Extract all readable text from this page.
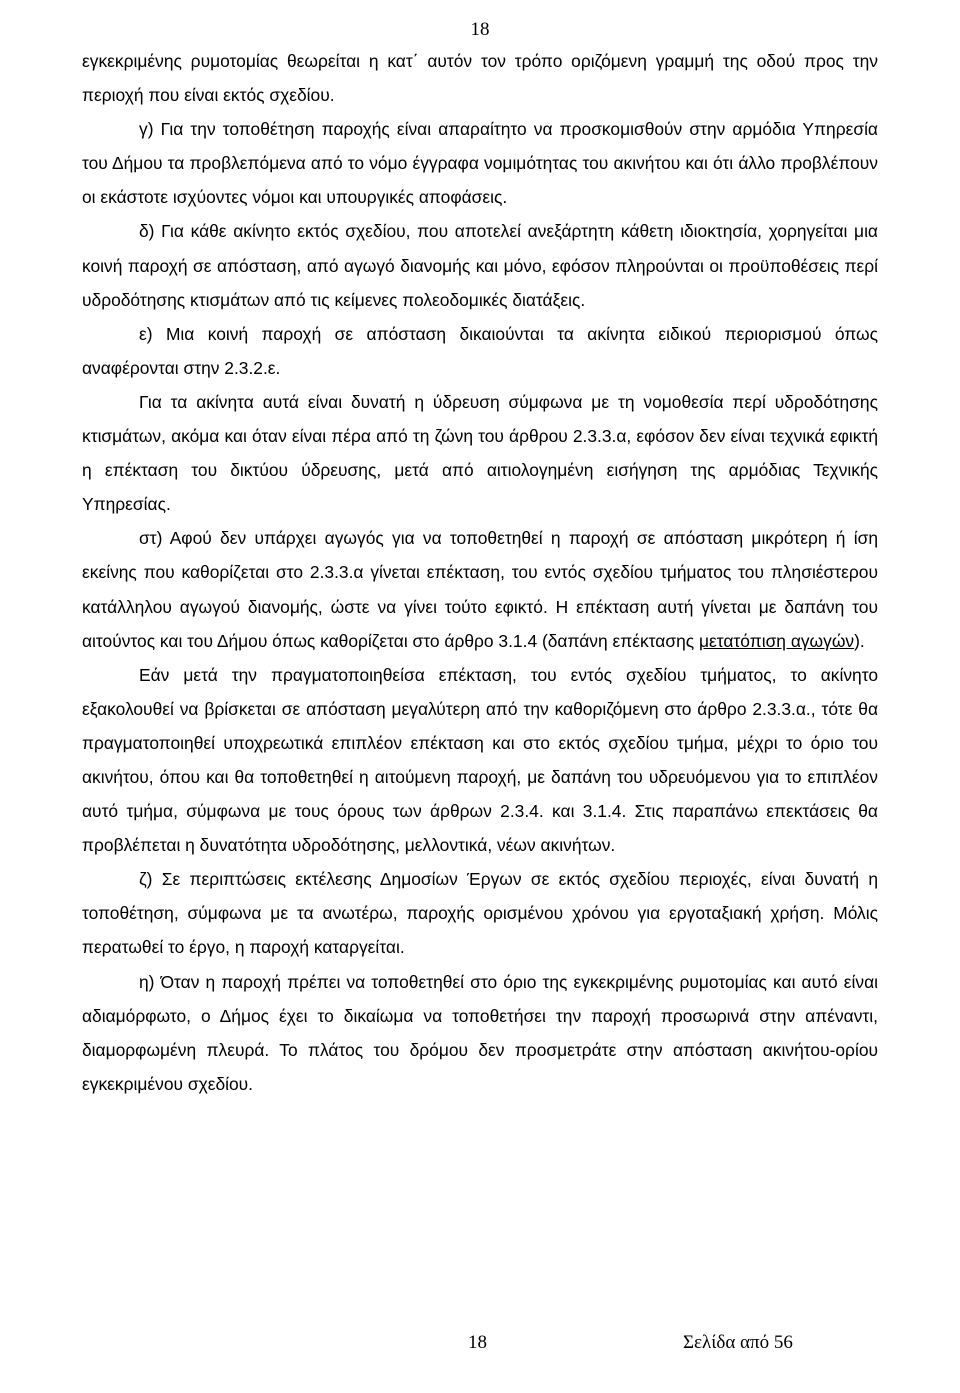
18

εγκεκριμένης ρυμοτομίας θεωρείται η κατ΄ αυτόν τον τρόπο οριζόμενη γραμμή της οδού προς την περιοχή που είναι εκτός σχεδίου.

γ) Για την τοποθέτηση παροχής είναι απαραίτητο να προσκομισθούν στην αρμόδια Υπηρεσία του Δήμου τα προβλεπόμενα από το νόμο έγγραφα νομιμότητας του ακινήτου και ότι άλλο προβλέπουν οι εκάστοτε ισχύοντες νόμοι και υπουργικές αποφάσεις.

δ) Για κάθε ακίνητο εκτός σχεδίου, που αποτελεί ανεξάρτητη κάθετη ιδιοκτησία, χορηγείται μια κοινή παροχή σε απόσταση, από αγωγό διανομής και μόνο, εφόσον πληρούνται οι προϋποθέσεις περί υδροδότησης κτισμάτων από τις κείμενες πολεοδομικές διατάξεις.

ε) Μια κοινή παροχή σε απόσταση δικαιούνται τα ακίνητα ειδικού περιορισμού όπως αναφέρονται στην 2.3.2.ε.

Για τα ακίνητα αυτά είναι δυνατή η ύδρευση σύμφωνα με τη νομοθεσία περί υδροδότησης κτισμάτων, ακόμα και όταν είναι πέρα από τη ζώνη του άρθρου 2.3.3.α, εφόσον δεν είναι τεχνικά εφικτή η επέκταση του δικτύου ύδρευσης, μετά από αιτιολογημένη εισήγηση της αρμόδιας Τεχνικής Υπηρεσίας.

στ) Αφού δεν υπάρχει αγωγός για να τοποθετηθεί η παροχή σε απόσταση μικρότερη ή ίση εκείνης που καθορίζεται στο 2.3.3.α γίνεται επέκταση, του εντός σχεδίου τμήματος του πλησιέστερου κατάλληλου αγωγού διανομής, ώστε να γίνει τούτο εφικτό. Η επέκταση αυτή γίνεται με δαπάνη του αιτούντος και του Δήμου όπως καθορίζεται στο άρθρο 3.1.4 (δαπάνη επέκτασης μετατόπιση αγωγών).

Εάν μετά την πραγματοποιηθείσα επέκταση, του εντός σχεδίου τμήματος, το ακίνητο εξακολουθεί να βρίσκεται σε απόσταση μεγαλύτερη από την καθοριζόμενη στο άρθρο 2.3.3.α., τότε θα πραγματοποιηθεί υποχρεωτικά επιπλέον επέκταση και στο εκτός σχεδίου τμήμα, μέχρι το όριο του ακινήτου, όπου και θα τοποθετηθεί η αιτούμενη παροχή, με δαπάνη του υδρευόμενου για το επιπλέον αυτό τμήμα, σύμφωνα με τους όρους των άρθρων 2.3.4. και 3.1.4. Στις παραπάνω επεκτάσεις θα προβλέπεται η δυνατότητα υδροδότησης, μελλοντικά, νέων ακινήτων.

ζ) Σε περιπτώσεις εκτέλεσης Δημοσίων Έργων σε εκτός σχεδίου περιοχές, είναι δυνατή η τοποθέτηση, σύμφωνα με τα ανωτέρω, παροχής ορισμένου χρόνου για εργοταξιακή χρήση. Μόλις περατωθεί το έργο, η παροχή καταργείται.

η) Όταν η παροχή πρέπει να τοποθετηθεί στο όριο της εγκεκριμένης ρυμοτομίας και αυτό είναι αδιαμόρφωτο, ο Δήμος έχει το δικαίωμα να τοποθετήσει την παροχή προσωρινά στην απέναντι, διαμορφωμένη πλευρά. Το πλάτος του δρόμου δεν προσμετράτε στην απόσταση ακινήτου-ορίου εγκεκριμένου σχεδίου.

18	Σελίδα από 56
